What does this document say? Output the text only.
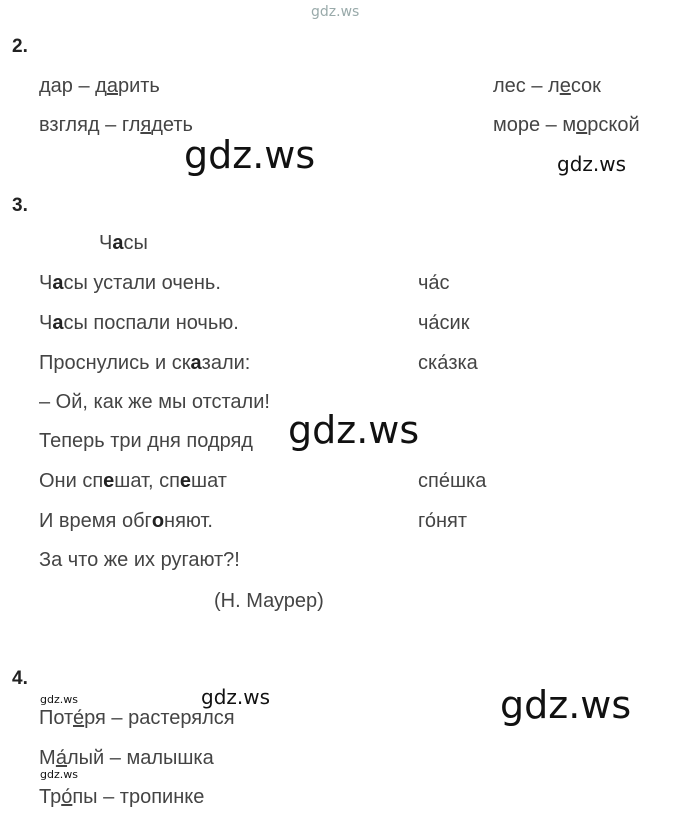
gdz.ws
2.
дар – дарить	лес – лесок
взгляд – глядеть	море – морской
gdz.ws	gdz.ws
3.
Часы
Часы устали очень.	ча́с
Часы поспали ночью.	ча́сик
Проснулись и сказали:	ска́зка
– Ой, как же мы отстали!
Теперь три дня подряд gdz.ws
Они спешат, спешат	спе́шка
И время обгоняют.	го́нят
За что же их ругают?!
(Н. Маурер)
4.
gdz.ws	gdz.ws	gdz.ws
Поте́ря – растерялся
Ма́лый – малышка
gdz.ws
Тро́пы – тропинке
